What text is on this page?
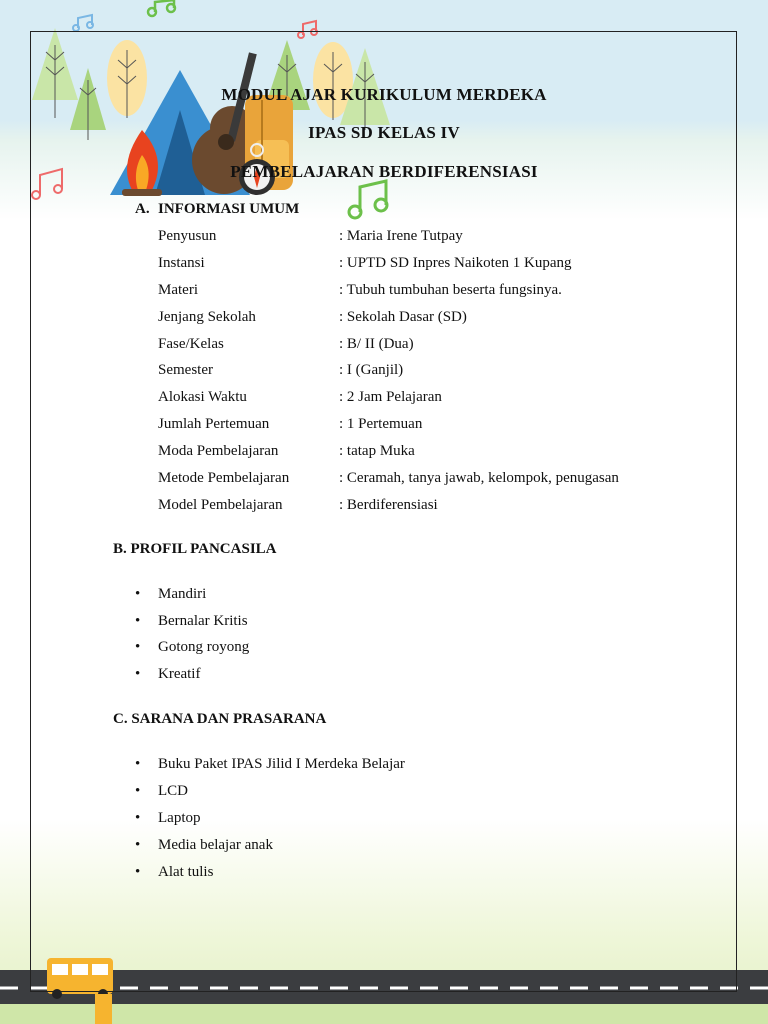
MODUL AJAR KURIKULUM MERDEKA
IPAS SD KELAS IV
PEMBELAJARAN BERDIFERENSIASI
A. INFORMASI UMUM
Penyusun	: Maria Irene Tutpay
Instansi	: UPTD SD Inpres Naikoten 1 Kupang
Materi	: Tubuh tumbuhan beserta fungsinya.
Jenjang Sekolah	: Sekolah Dasar (SD)
Fase/Kelas	: B/ II (Dua)
Semester	: I (Ganjil)
Alokasi Waktu	: 2 Jam Pelajaran
Jumlah Pertemuan	: 1 Pertemuan
Moda Pembelajaran	: tatap Muka
Metode Pembelajaran	: Ceramah, tanya jawab, kelompok, penugasan
Model Pembelajaran	: Berdiferensiasi
B. PROFIL PANCASILA
• Mandiri
• Bernalar Kritis
• Gotong royong
• Kreatif
C. SARANA DAN PRASARANA
• Buku Paket IPAS Jilid I Merdeka Belajar
• LCD
• Laptop
• Media belajar anak
• Alat tulis
